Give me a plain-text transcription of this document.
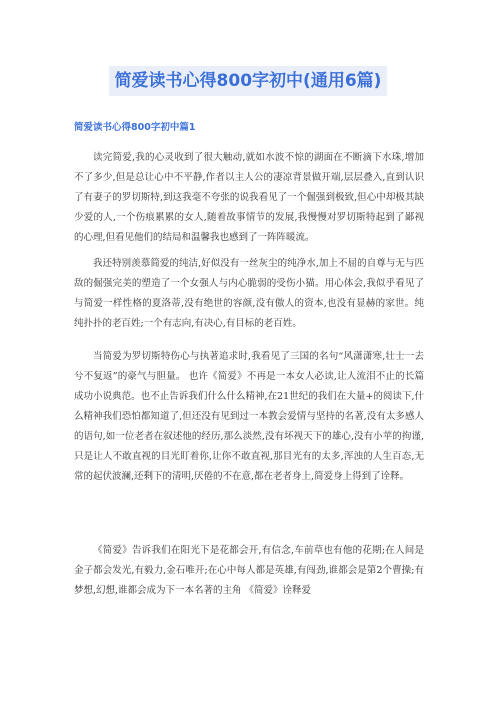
简爱读书心得800字初中(通用6篇)
简爱读书心得800字初中篇1

读完简爱,我的心灵收到了很大触动,就如水波不惊的湖面在不断滴下水珠,增加不了多少,但是总让心中不平静,作者以主人公的凄凉背景做开端,层层叠入,直到认识了有妻子的罗切斯特,到这我毫不夸张的说我看见了一个倔强到极致,但心中却极其缺少爱的人,一个伤痕累累的女人,随着故事情节的发展,我慢慢对罗切斯特起到了鄙视的心理,但看见他们的结局和温馨我也感到了一阵阵暖流。

我还特别羡慕简爱的纯洁,好似没有一丝灰尘的纯净水,加上不屈的自尊与无与匹敌的倔强完美的塑造了一个女强人与内心脆弱的受伤小猫。用心体会,我似乎看见了与简爱一样性格的夏洛蒂,没有绝世的容颜,没有傲人的资本,也没有显赫的家世。纯纯扑扑的老百姓;一个有志向,有决心,有目标的老百姓。

当简爱为罗切斯特伤心与执著追求时,我看见了三国的名句“风潇潇寒,壮士一去兮不复返”的豪气与胆量。 也许《简爱》不再是一本女人必读,让人流泪不止的长篇成功小说典范。也不止告诉我们什么什么精神,在21世纪的我们在大量+的阅读下,什么精神我们恐怕都知道了,但还没有见到过一本教会爱情与坚持的名著,没有太多感人的语句,如一位老者在叙述他的经历,那么淡然,没有坏视天下的雄心,没有小苹的拘谨,只是让人不敢直视的目光盯着你,让你不敢直视,那目光有的太多,浑浊的人生百态,无常的起伏波澜,还剩下的清明,厌倦的不在意,都在老者身上,简爱身上得到了诠释。

《简爱》告诉我们在阳光下是花都会开,有信念,车前草也有他的花期;在人间是金子都会发光,有毅力,金石唯开;在心中每人都是英雄,有闯劲,谁都会是第2个曹操;有梦想,幻想,谁都会成为下一本名著的主角 《简爱》诠释爱
